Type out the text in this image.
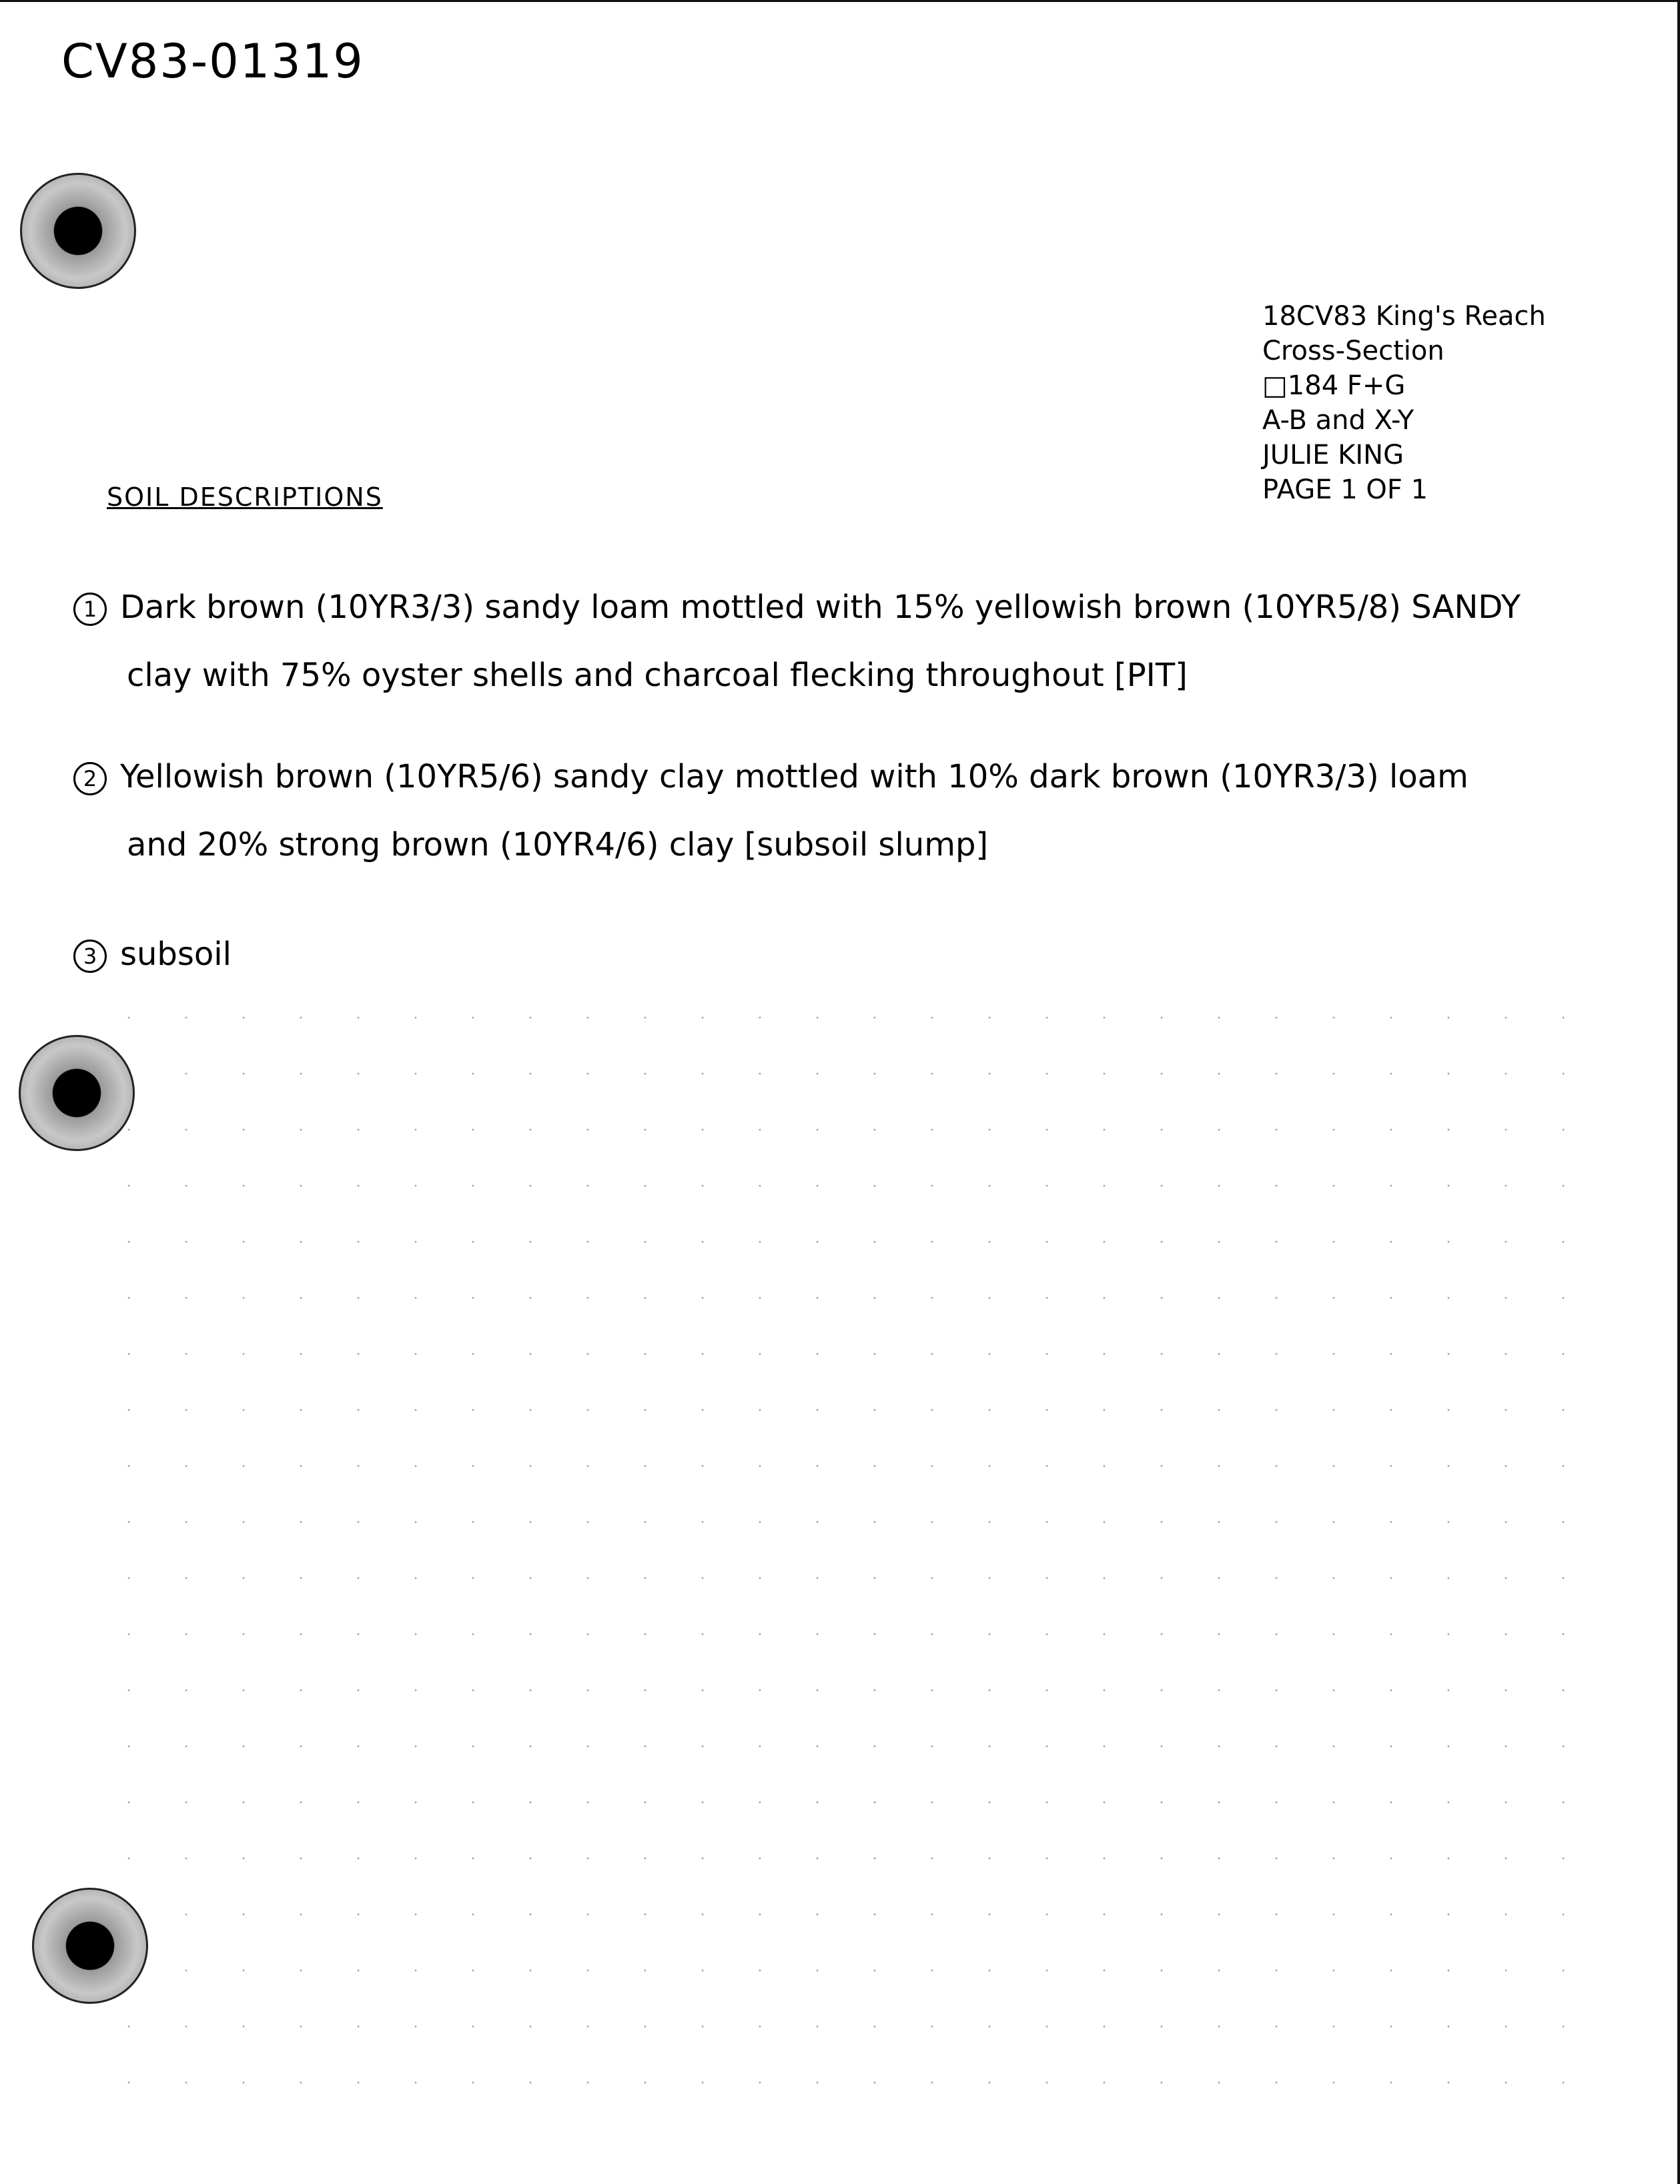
CV83-01319
18CV83 King's Reach
Cross-Section
□184 F+G
A-B and X-Y
JULIE KING
PAGE 1 OF 1
SOIL DESCRIPTIONS
1 Dark brown (10YR3/3) sandy loam mottled with 15% yellowish brown (10YR5/8) SANDY
clay with 75% oyster shells and charcoal flecking throughout [PIT]
2 Yellowish brown (10YR5/6) sandy clay mottled with 10% dark brown (10YR3/3) loam
and 20% strong brown (10YR4/6) clay [subsoil slump]
3 subsoil
